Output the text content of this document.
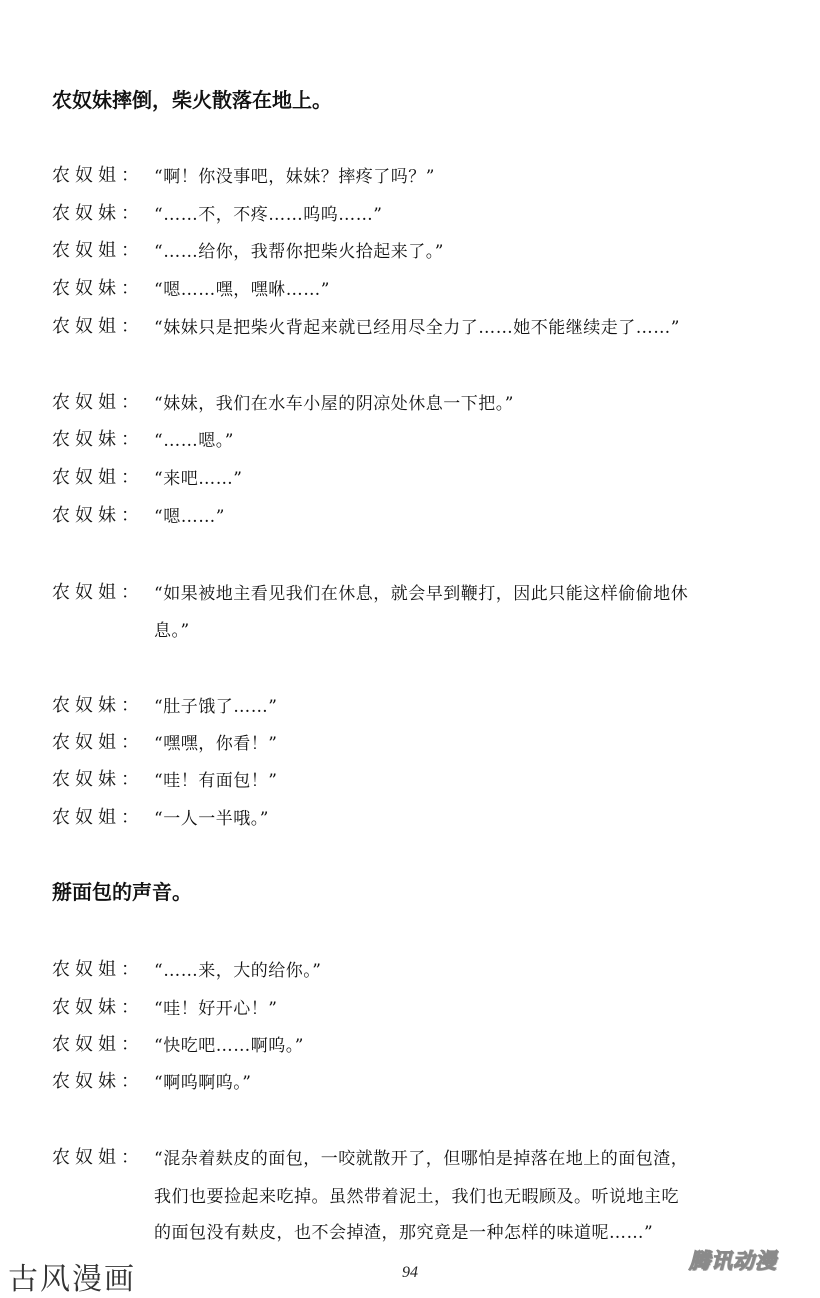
农奴妹摔倒，柴火散落在地上。
农奴姐： “啊！你没事吧，妹妹？摔疼了吗？”
农奴妹： “……不，不疼……呜呜……”
农奴姐： “……给你，我帮你把柴火拾起来了。”
农奴妹： “嗯……嘿，嘿咻……”
农奴姐： “妹妹只是把柴火背起来就已经用尽全力了……她不能继续走了……”
农奴姐： “妹妹，我们在水车小屋的阴凉处休息一下把。”
农奴妹： “……嗯。”
农奴姐： “来吧……”
农奴妹： “嗯……”
农奴姐： “如果被地主看见我们在休息，就会早到鞭打，因此只能这样偷偷地休
息。”
农奴妹： “肚子饿了……”
农奴姐： “嘿嘿，你看！”
农奴妹： “哇！有面包！”
农奴姐： “一人一半哦。”
掰面包的声音。
农奴姐： “……来，大的给你。”
农奴妹： “哇！好开心！”
农奴姐： “快吃吧……啊呜。”
农奴妹： “啊呜啊呜。”
农奴姐： “混杂着麸皮的面包，一咬就散开了，但哪怕是掉落在地上的面包渣，
我们也要捡起来吃掉。虽然带着泥土，我们也无暇顾及。听说地主吃
的面包没有麸皮，也不会掉渣，那究竟是一种怎样的味道呢……”
古风漫画	94	腾讯动漫
